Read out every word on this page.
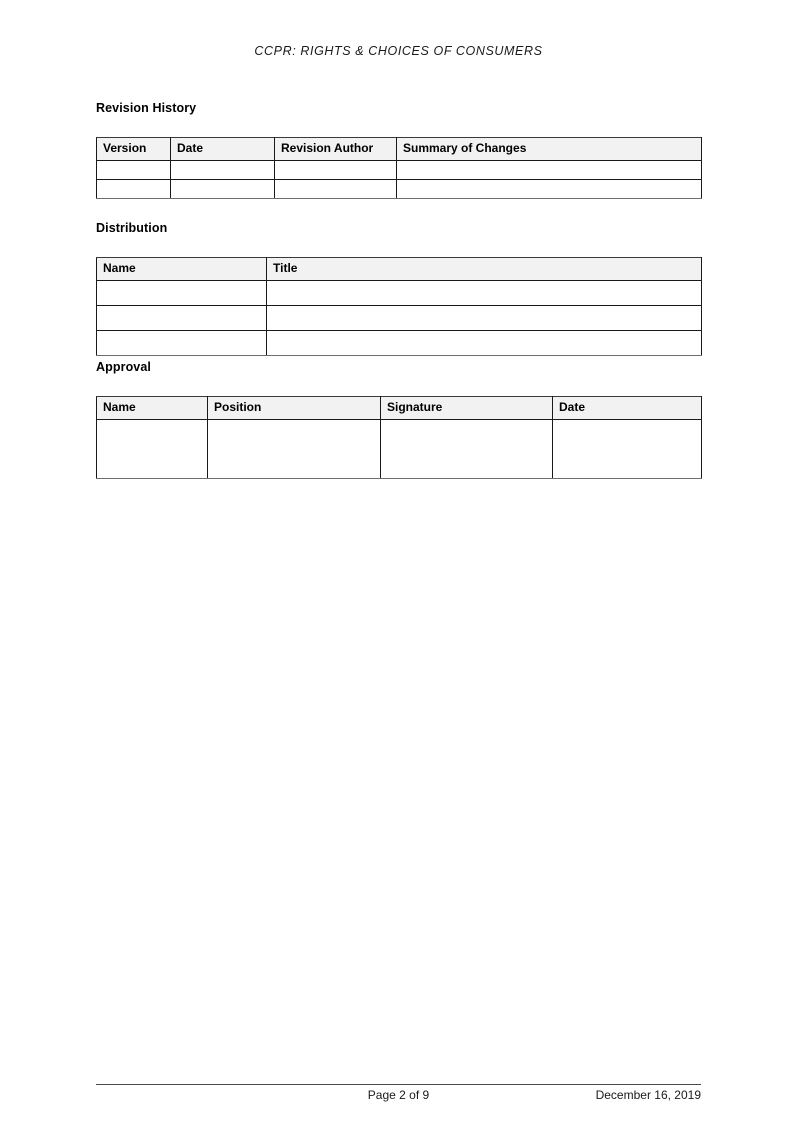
CCPR: RIGHTS & CHOICES OF CONSUMERS
Revision History
Version	Date	Revision Author	Summary of Changes

Distribution
Name	Title

Approval
Name	Position	Signature	Date

Page 2 of 9	December 16, 2019
